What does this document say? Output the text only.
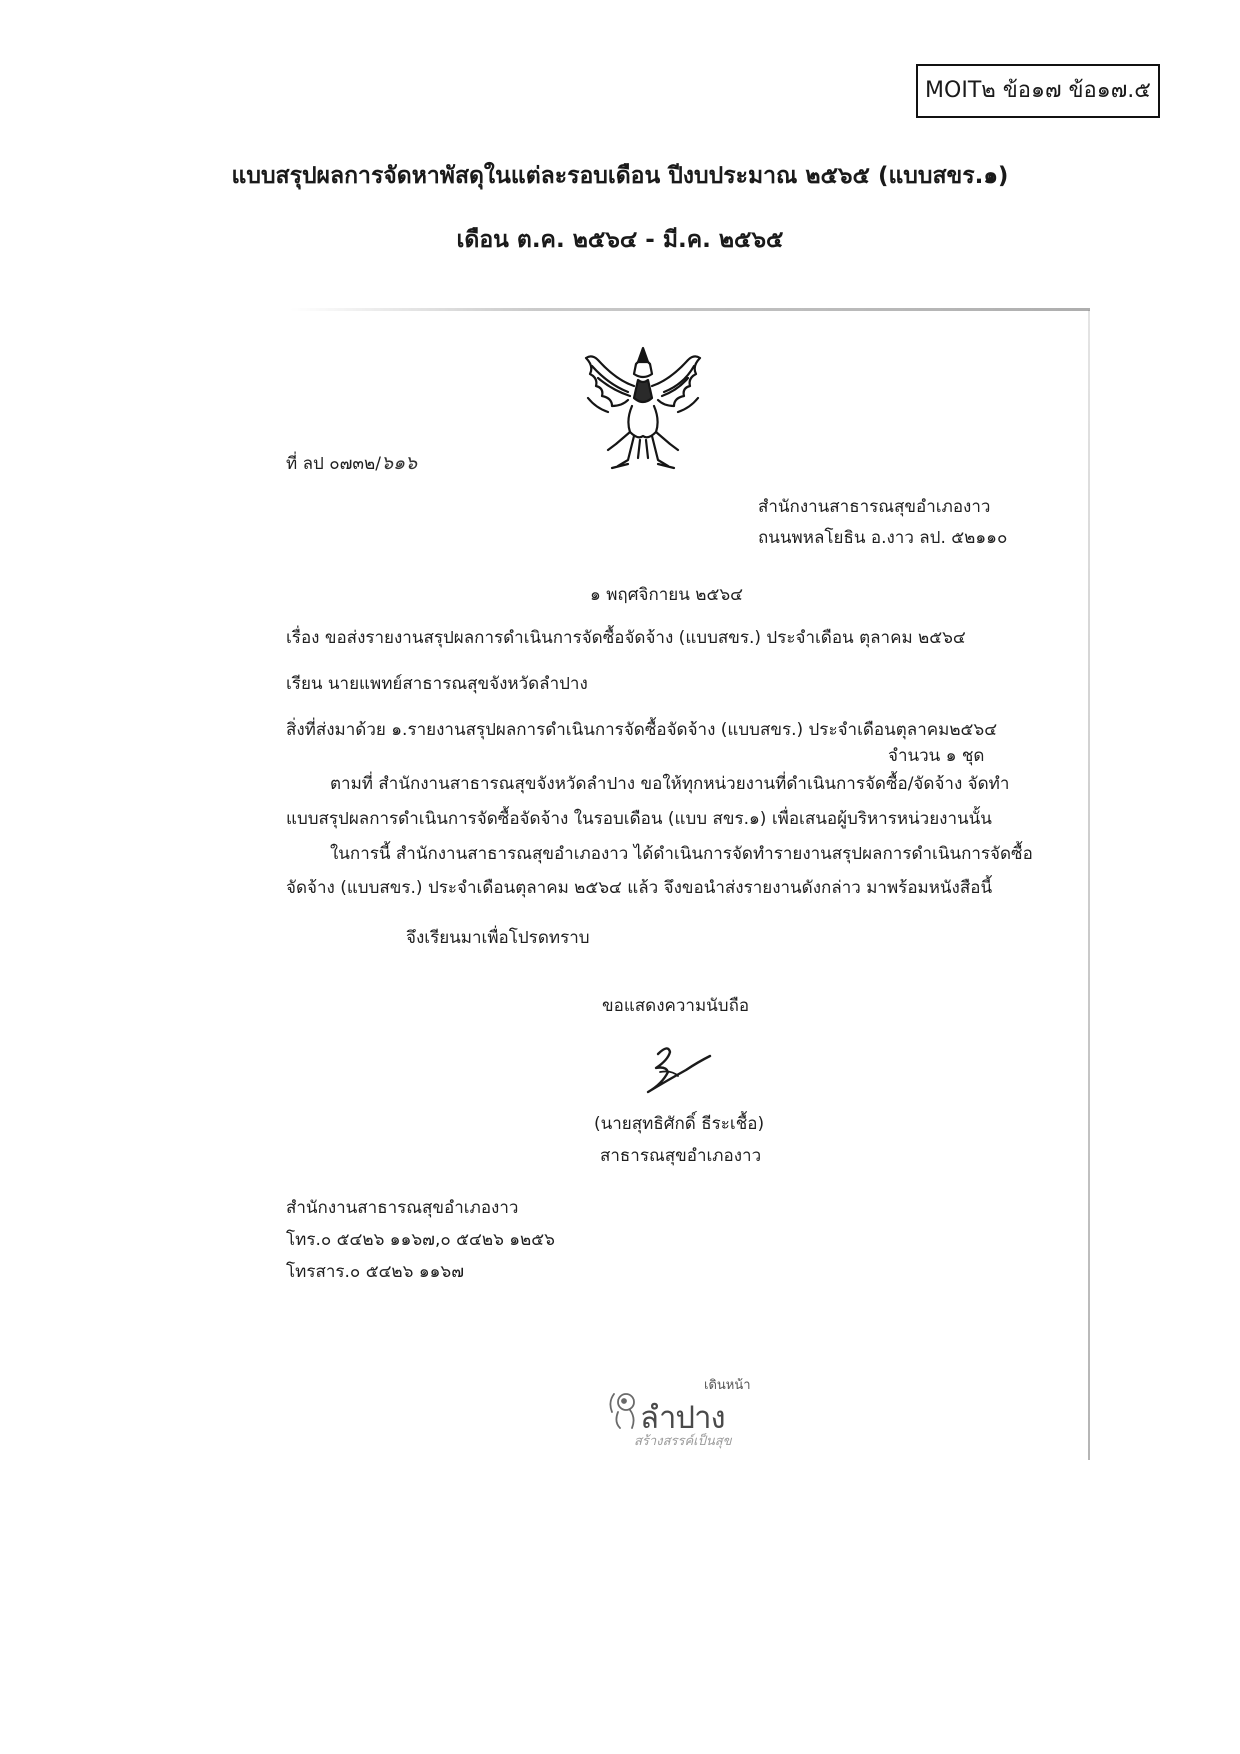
MOIT๒ ข้อ๑๗ ข้อ๑๗.๕
แบบสรุปผลการจัดหาพัสดุในแต่ละรอบเดือน ปีงบประมาณ ๒๕๖๕ (แบบสขร.๑)
เดือน ต.ค. ๒๕๖๔ - มี.ค. ๒๕๖๕
ที่ ลป ๐๗๓๒/๖๑๖
สำนักงานสาธารณสุขอำเภองาว
ถนนพหลโยธิน อ.งาว ลป. ๕๒๑๑๐
๑ พฤศจิกายน ๒๕๖๔
เรื่อง ขอส่งรายงานสรุปผลการดำเนินการจัดซื้อจัดจ้าง (แบบสขร.) ประจำเดือน ตุลาคม ๒๕๖๔
เรียน นายแพทย์สาธารณสุขจังหวัดลำปาง
สิ่งที่ส่งมาด้วย ๑.รายงานสรุปผลการดำเนินการจัดซื้อจัดจ้าง (แบบสขร.) ประจำเดือนตุลาคม๒๕๖๔
จำนวน ๑ ชุด
ตามที่ สำนักงานสาธารณสุขจังหวัดลำปาง ขอให้ทุกหน่วยงานที่ดำเนินการจัดซื้อ/จัดจ้าง จัดทำ
แบบสรุปผลการดำเนินการจัดซื้อจัดจ้าง ในรอบเดือน (แบบ สขร.๑) เพื่อเสนอผู้บริหารหน่วยงานนั้น
ในการนี้ สำนักงานสาธารณสุขอำเภองาว ได้ดำเนินการจัดทำรายงานสรุปผลการดำเนินการจัดซื้อ
จัดจ้าง (แบบสขร.) ประจำเดือนตุลาคม ๒๕๖๔ แล้ว จึงขอนำส่งรายงานดังกล่าว มาพร้อมหนังสือนี้
จึงเรียนมาเพื่อโปรดทราบ
ขอแสดงความนับถือ
(นายสุทธิศักดิ์ ธีระเชื้อ)
สาธารณสุขอำเภองาว
สำนักงานสาธารณสุขอำเภองาว
โทร.๐ ๕๔๒๖ ๑๑๖๗,๐ ๕๔๒๖ ๑๒๕๖
โทรสาร.๐ ๕๔๒๖ ๑๑๖๗
เดินหน้า
ลำปาง
สร้างสรรค์เป็นสุข
